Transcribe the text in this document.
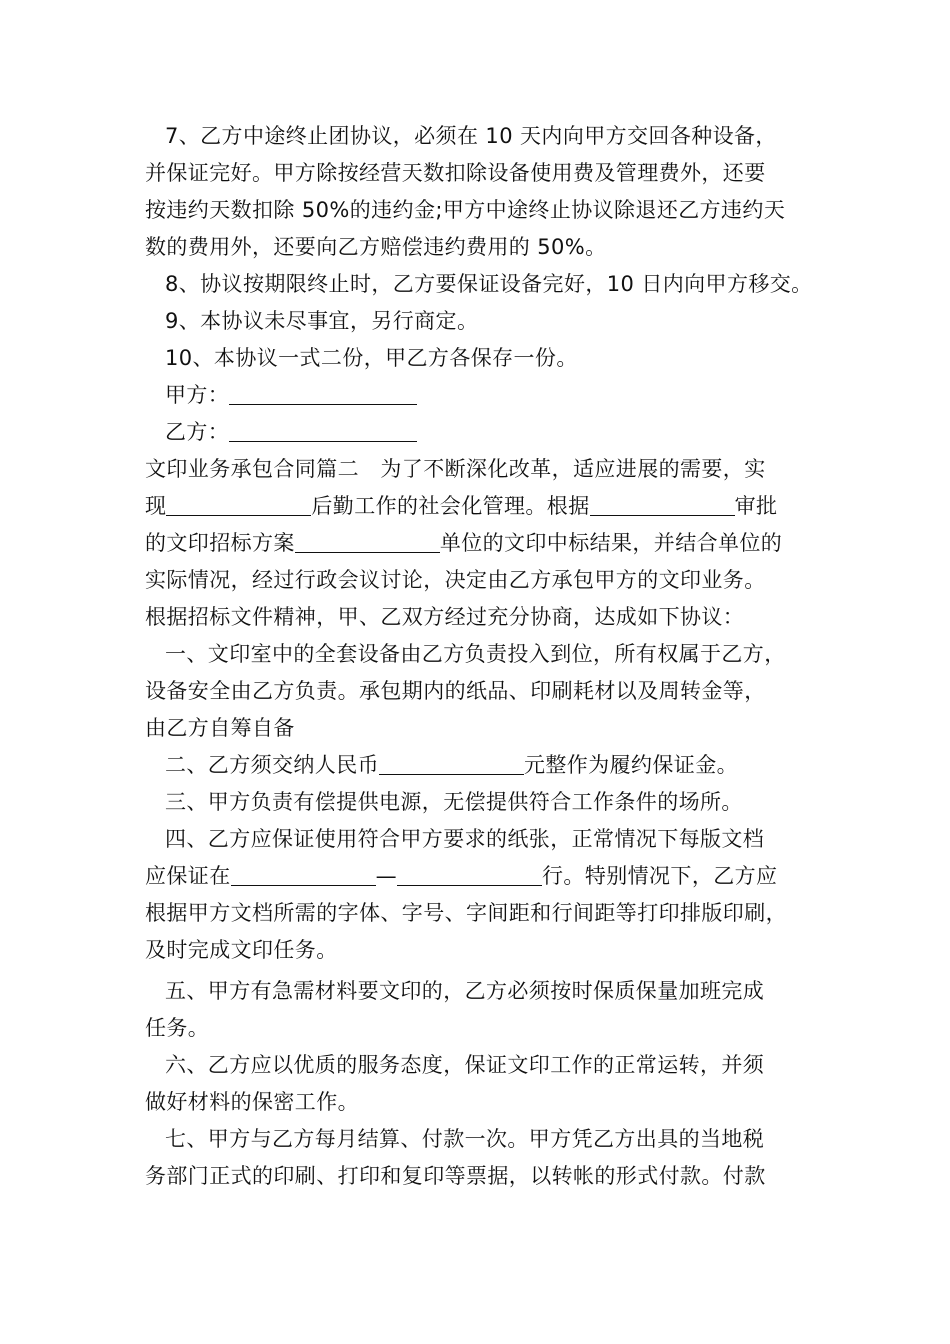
7、乙方中途终止团协议，必须在 10 天内向甲方交回各种设备，
并保证完好。甲方除按经营天数扣除设备使用费及管理费外，还要
按违约天数扣除 50%的违约金;甲方中途终止协议除退还乙方违约天
数的费用外，还要向乙方赔偿违约费用的 50%。
8、协议按期限终止时，乙方要保证设备完好，10 日内向甲方移交。
9、本协议未尽事宜，另行商定。
10、本协议一式二份，甲乙方各保存一份。
甲方：
乙方：
文印业务承包合同篇二　为了不断深化改革，适应进展的需要，实
现	后勤工作的社会化管理。根据	审批
的文印招标方案	单位的文印中标结果，并结合单位的
实际情况，经过行政会议讨论，决定由乙方承包甲方的文印业务。
根据招标文件精神，甲、乙双方经过充分协商，达成如下协议：
一、文印室中的全套设备由乙方负责投入到位，所有权属于乙方，
设备安全由乙方负责。承包期内的纸品、印刷耗材以及周转金等，
由乙方自筹自备
二、乙方须交纳人民币	元整作为履约保证金。
三、甲方负责有偿提供电源，无偿提供符合工作条件的场所。
四、乙方应保证使用符合甲方要求的纸张，正常情况下每版文档
应保证在	—	行。特别情况下，乙方应
根据甲方文档所需的字体、字号、字间距和行间距等打印排版印刷，
及时完成文印任务。
五、甲方有急需材料要文印的，乙方必须按时保质保量加班完成
任务。
六、乙方应以优质的服务态度，保证文印工作的正常运转，并须
做好材料的保密工作。
七、甲方与乙方每月结算、付款一次。甲方凭乙方出具的当地税
务部门正式的印刷、打印和复印等票据，以转帐的形式付款。付款
